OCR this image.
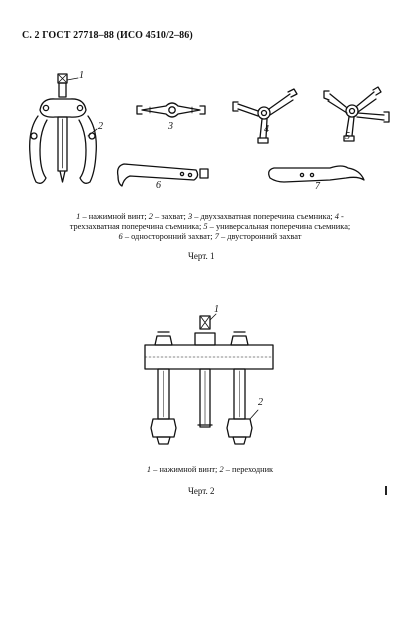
С. 2 ГОСТ 27718–88 (ИСО 4510/2–86)
1
2	3	4
5
6	7
1 – нажимной винт; 2 – захват; 3 – двухзахватная поперечина съемника; 4 -
трехзахватная поперечина съемника; 5 – универсальная поперечина съемника;
6 – односторонний захват; 7 – двусторонний захват
Черт. 1
1
2
1 – нажимной винт; 2 – переходник
Черт. 2
